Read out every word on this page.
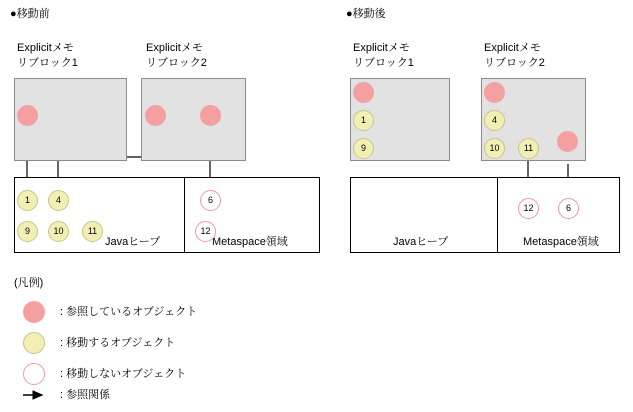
●移動前
Explicitメモ
リブロック1
Explicitメモ
リブロック2
Javaヒープ	Metaspace領域
1	4
9	10	11
6
12
●移動後
Explicitメモ
リブロック1
Explicitメモ
リブロック2
1
9
4
10	11
Javaヒープ	Metaspace領域
12	6
(凡例)
: 参照しているオブジェクト
: 移動するオブジェクト
: 移動しないオブジェクト
: 参照関係
